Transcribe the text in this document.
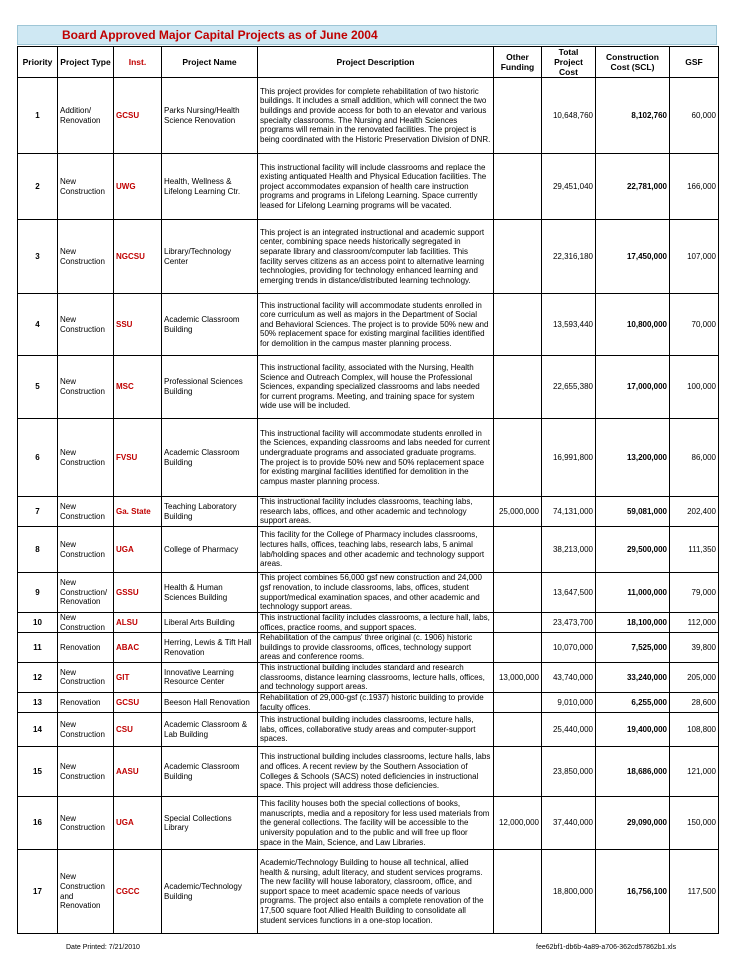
Board Approved Major Capital Projects as of June 2004
Priority	Project Type	Inst.	Project Name	Project Description	Other Funding	Total Project Cost	Construction Cost (SCL)	GSF
1	Addition/ Renovation	GCSU	Parks Nursing/Health Science Renovation	This project provides for complete rehabilitation of two historic buildings. It includes a small addition, which will connect the two buildings and provide access for both to an elevator and various specialty classrooms. The Nursing and Health Sciences programs will remain in the renovated facilities. The project is being coordinated with the Historic Preservation Division of DNR.		10,648,760	8,102,760	60,000
2	New Construction	UWG	Health, Wellness & Lifelong Learning Ctr.	This instructional facility will include classrooms and replace the existing antiquated Health and Physical Education facilities. The project accommodates expansion of health care instruction programs and programs in Lifelong Learning. Space currently leased for Lifelong Learning programs will be vacated.		29,451,040	22,781,000	166,000
3	New Construction	NGCSU	Library/Technology Center	This project is an integrated instructional and academic support center, combining space needs historically segregated in separate library and classroom/computer lab facilities. This facility serves citizens as an access point to alternative learning technologies, providing for technology enhanced learning and emerging trends in distance/distributed learning technology.		22,316,180	17,450,000	107,000
4	New Construction	SSU	Academic Classroom Building	This instructional facility will accommodate students enrolled in core curriculum as well as majors in the Department of Social and Behavioral Sciences. The project is to provide 50% new and 50% replacement space for existing marginal facilities identified for demolition in the campus master planning process.		13,593,440	10,800,000	70,000
5	New Construction	MSC	Professional Sciences Building	This instructional facility, associated with the Nursing, Health Science and Outreach Complex, will house the Professional Sciences, expanding specialized classrooms and labs needed for current programs. Meeting, and training space for system wide use will be included.		22,655,380	17,000,000	100,000
6	New Construction	FVSU	Academic Classroom Building	This instructional facility will accommodate students enrolled in the Sciences, expanding classrooms and labs needed for current undergraduate programs and associated graduate programs. The project is to provide 50% new and 50% replacement space for existing marginal facilities identified for demolition in the campus master planning process.		16,991,800	13,200,000	86,000
7	New Construction	Ga. State	Teaching Laboratory Building	This instructional facility includes classrooms, teaching labs, research labs, offices, and other academic and technology support areas.	25,000,000	74,131,000	59,081,000	202,400
8	New Construction	UGA	College of Pharmacy	This facility for the College of Pharmacy includes classrooms, lectures halls, offices, teaching labs, research labs, 5 animal lab/holding spaces and other academic and technology support areas.		38,213,000	29,500,000	111,350
9	New Construction/ Renovation	GSSU	Health & Human Sciences Building	This project combines 56,000 gsf new construction and 24,000 gsf renovation, to include classrooms, labs, offices, student support/medical examination spaces, and other academic and technology support areas.		13,647,500	11,000,000	79,000
10	New Construction	ALSU	Liberal Arts Building	This instructional facility includes classrooms, a lecture hall, labs, offices, practice rooms, and support spaces.		23,473,700	18,100,000	112,000
11	Renovation	ABAC	Herring, Lewis & Tift Hall Renovation	Rehabilitation of the campus' three original (c. 1906) historic buildings to provide classrooms, offices, technology support areas and conference rooms.		10,070,000	7,525,000	39,800
12	New Construction	GIT	Innovative Learning Resource Center	This instructional building includes standard and research classrooms, distance learning classrooms, lecture halls, offices, and technology support areas.	13,000,000	43,740,000	33,240,000	205,000
13	Renovation	GCSU	Beeson Hall Renovation	Rehabilitation of 29,000-gsf (c.1937) historic building to provide faculty offices.		9,010,000	6,255,000	28,600
14	New Construction	CSU	Academic Classroom & Lab Building	This instructional building includes classrooms, lecture halls, labs, offices, collaborative study areas and computer-support spaces.		25,440,000	19,400,000	108,800
15	New Construction	AASU	Academic Classroom Building	This instructional building includes classrooms, lecture halls, labs and offices. A recent review by the Southern Association of Colleges & Schools (SACS) noted deficiencies in instructional space. This project will address those deficiencies.		23,850,000	18,686,000	121,000
16	New Construction	UGA	Special Collections Library	This facility houses both the special collections of books, manuscripts, media and a repository for less used materials from the general collections. The facility will be accessible to the university population and to the public and will free up floor space in the Main, Science, and Law Libraries.	12,000,000	37,440,000	29,090,000	150,000
17	New Construction and Renovation	CGCC	Academic/Technology Building	Academic/Technology Building to house all technical, allied health & nursing, adult literacy, and student services programs. The new facility will house laboratory, classroom, office, and support space to meet academic space needs of various programs. The project also entails a complete renovation of the 17,500 square foot Allied Health Building to consolidate all student services functions in a one-stop location.		18,800,000	16,756,100	117,500
Date Printed: 7/21/2010	fee62bf1-db6b-4a89-a706-362cd57862b1.xls
